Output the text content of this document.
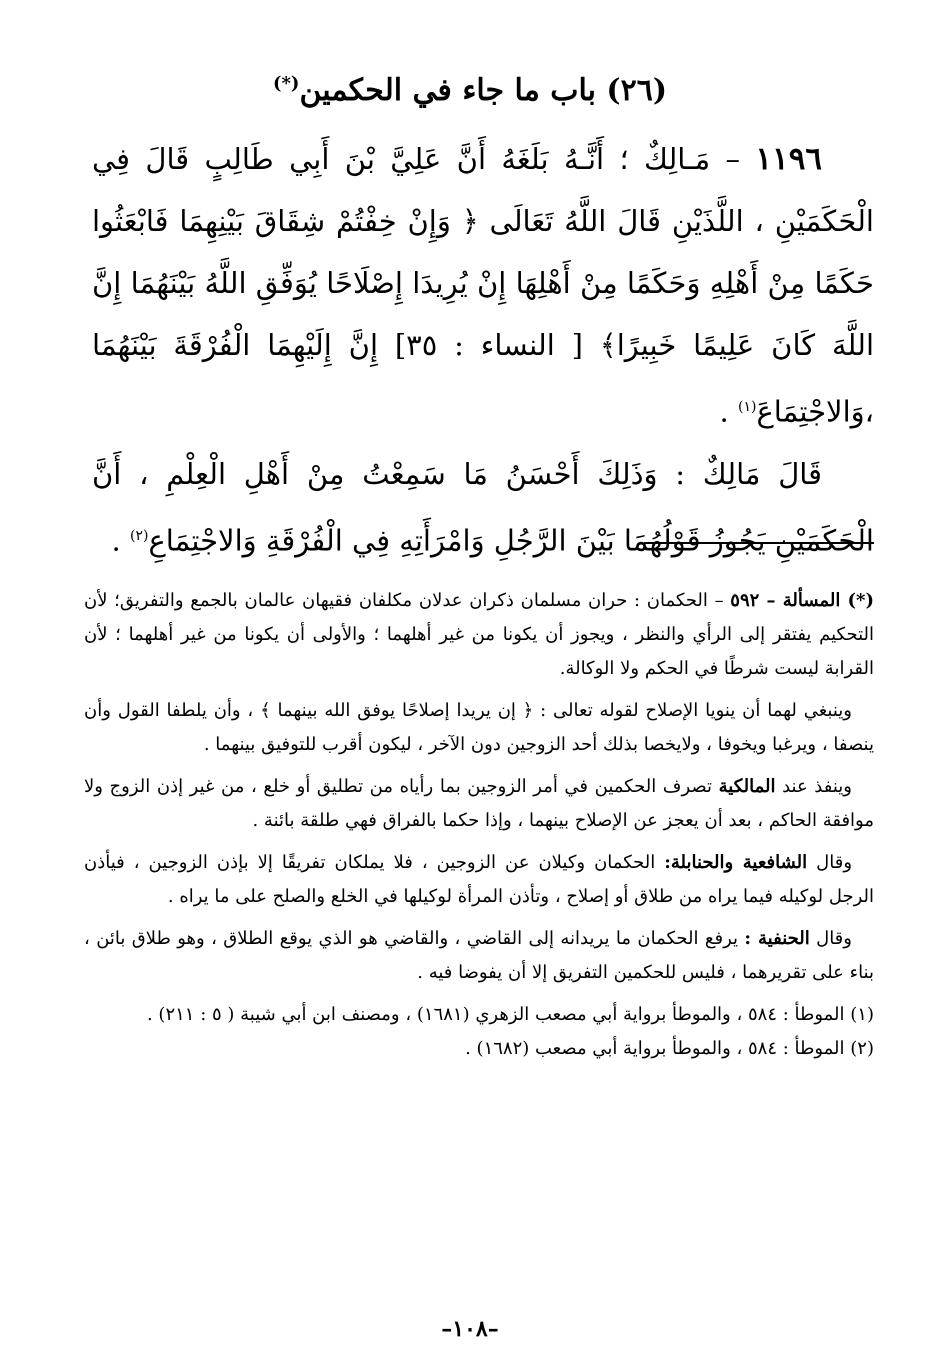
(٢٦) باب ما جاء في الحكمين(*)

١١٩٦ – مَـالِكٌ ؛ أَنَّـهُ بَلَغَهُ أَنَّ عَلِيَّ بْنَ أَبِي طَالِبٍ قَالَ فِي الْحَكَمَيْنِ ، اللَّذَيْنِ قَالَ اللَّهُ تَعَالَى ﴿ وَإِنْ خِفْتُمْ شِقَاقَ بَيْنِهِمَا فَابْعَثُوا حَكَمًا مِنْ أَهْلِهِ وَحَكَمًا مِنْ أَهْلِهَا إِنْ يُرِيدَا إِصْلَاحًا يُوَفِّقِ اللَّهُ بَيْنَهُمَا إِنَّ اللَّهَ كَانَ عَلِيمًا خَبِيرًا﴾ [ النساء : ٣٥] إِنَّ إِلَيْهِمَا الْفُرْقَةَ بَيْنَهُمَا ،وَالاجْتِمَاعَ$^{(١)}$ .

قَالَ مَالِكٌ : وَذَلِكَ أَحْسَنُ مَا سَمِعْتُ مِنْ أَهْلِ الْعِلْمِ ، أَنَّ الْحَكَمَيْنِ يَجُوزُ قَوْلُهُمَا بَيْنَ الرَّجُلِ وَامْرَأَتِهِ فِي الْفُرْقَةِ وَالاجْتِمَاعِ$^{(٢)}$ .

(*) المسألة – ٥٩٢ – الحكمان : حران مسلمان ذكران عدلان مكلفان فقيهان عالمان بالجمع والتفريق؛ لأن التحكيم يفتقر إلى الرأي والنظر ، ويجوز أن يكونا من غير أهلهما ؛ والأولى أن يكونا من غير أهلهما ؛ لأن القرابة ليست شرطًا في الحكم ولا الوكالة.

وينبغي لهما أن ينويا الإصلاح لقوله تعالى : ﴿ إن يريدا إصلاحًا يوفق الله بينهما ﴾ ، وأن يلطفا القول وأن ينصفا ، ويرغبا ويخوفا ، ولايخصا بذلك أحد الزوجين دون الآخر ، ليكون أقرب للتوفيق بينهما .

وينفذ عند المالكية تصرف الحكمين في أمر الزوجين بما رأياه من تطليق أو خلع ، من غير إذن الزوج ولا موافقة الحاكم ، بعد أن يعجز عن الإصلاح بينهما ، وإذا حكما بالفراق فهي طلقة بائنة .

وقال الشافعية والحنابلة: الحكمان وكيلان عن الزوجين ، فلا يملكان تفريقًا إلا بإذن الزوجين ، فيأذن الرجل لوكيله فيما يراه من طلاق أو إصلاح ، وتأذن المرأة لوكيلها في الخلع والصلح على ما يراه .

وقال الحنفية : يرفع الحكمان ما يريدانه إلى القاضي ، والقاضي هو الذي يوقع الطلاق ، وهو طلاق بائن ، بناء على تقريرهما ، فليس للحكمين التفريق إلا أن يفوضا فيه .

(١) الموطأ : ٥٨٤ ، والموطأ برواية أبي مصعب الزهري (١٦٨١) ، ومصنف ابن أبي شيبة ( ٥ : ٢١١) .

(٢) الموطأ : ٥٨٤ ، والموطأ برواية أبي مصعب (١٦٨٢) .

–١٠٨–
